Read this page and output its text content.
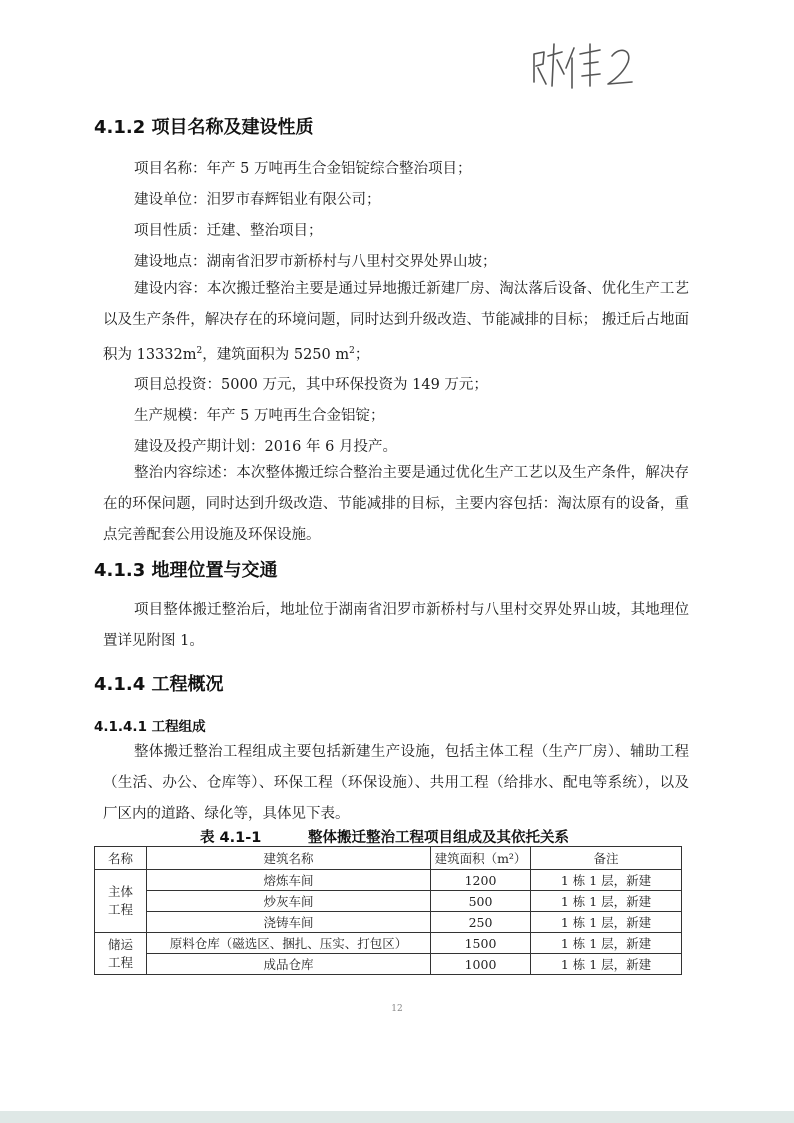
4.1.2 项目名称及建设性质
项目名称：年产 5 万吨再生合金铝锭综合整治项目；
建设单位：汨罗市春辉铝业有限公司；
项目性质：迁建、整治项目；
建设地点：湖南省汨罗市新桥村与八里村交界处界山坡；
建设内容：本次搬迁整治主要是通过异地搬迁新建厂房、淘汰落后设备、优化生产工艺以及生产条件，解决存在的环境问题，同时达到升级改造、节能减排的目标； 搬迁后占地面积为 $13332m^2$，建筑面积为 5250 $m^2$；
项目总投资：5000 万元，其中环保投资为 149 万元；
生产规模：年产 5 万吨再生合金铝锭；
建设及投产期计划：2016 年 6 月投产。
整治内容综述：本次整体搬迁综合整治主要是通过优化生产工艺以及生产条件，解决存在的环保问题，同时达到升级改造、节能减排的目标，主要内容包括：淘汰原有的设备，重点完善配套公用设施及环保设施。
4.1.3 地理位置与交通
项目整体搬迁整治后，地址位于湖南省汨罗市新桥村与八里村交界处界山坡，其地理位置详见附图 1。
4.1.4 工程概况
4.1.4.1 工程组成
整体搬迁整治工程组成主要包括新建生产设施，包括主体工程（生产厂房）、辅助工程（生活、办公、仓库等）、环保工程（环保设施）、共用工程（给排水、配电等系统），以及厂区内的道路、绿化等，具体见下表。
表 4.1-1	整体搬迁整治工程项目组成及其依托关系
名称	建筑名称	建筑面积（m²）	备注
主体工程	熔炼车间	1200	1 栋 1 层，新建
	炒灰车间	500	1 栋 1 层，新建
	浇铸车间	250	1 栋 1 层，新建
储运工程	原料仓库（磁选区、捆扎、压实、打包区）	1500	1 栋 1 层，新建
	成品仓库	1000	1 栋 1 层，新建
12
